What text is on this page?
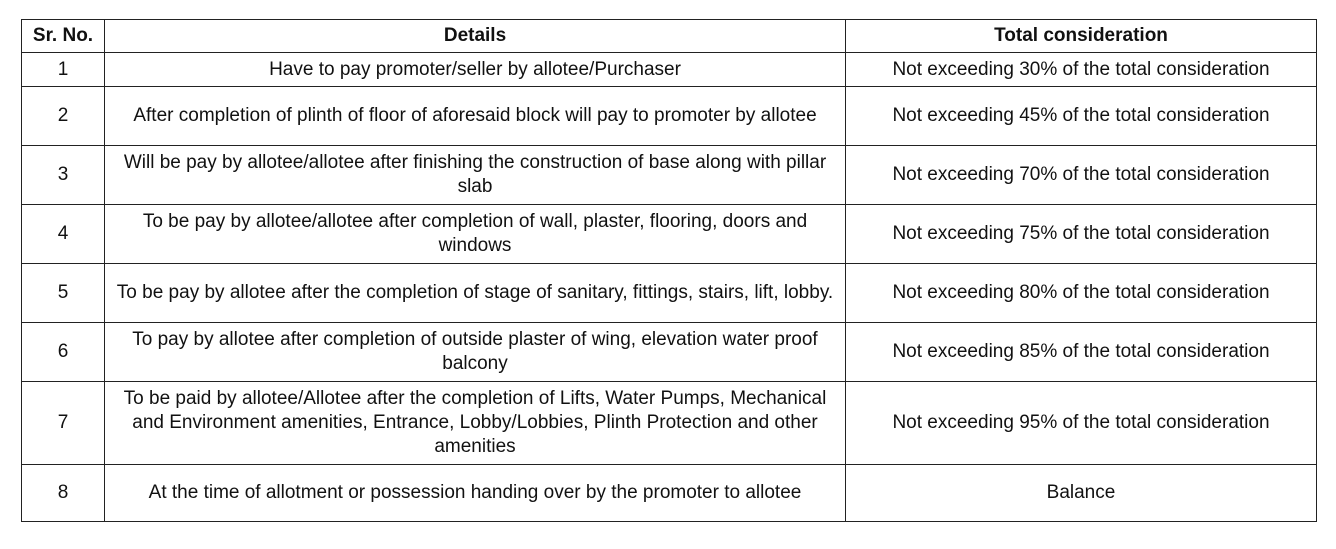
Sr. No.	Details	Total consideration
1	Have to pay promoter/seller by allotee/Purchaser	Not exceeding 30% of the total consideration
2	After completion of plinth of floor of aforesaid block will pay to promoter by allotee	Not exceeding 45% of the total consideration
3	Will be pay by allotee/allotee after finishing the construction of base along with pillar slab	Not exceeding 70% of the total consideration
4	To be pay by allotee/allotee after completion of wall, plaster, flooring, doors and windows	Not exceeding 75% of the total consideration
5	To be pay by allotee after the completion of stage of sanitary, fittings, stairs, lift, lobby.	Not exceeding 80% of the total consideration
6	To pay by allotee after completion of outside plaster of wing, elevation water proof balcony	Not exceeding 85% of the total consideration
7	To be paid by allotee/Allotee after the completion of Lifts, Water Pumps, Mechanical and Environment amenities, Entrance, Lobby/Lobbies, Plinth Protection and other amenities	Not exceeding 95% of the total consideration
8	At the time of allotment or possession handing over by the promoter to allotee	Balance
